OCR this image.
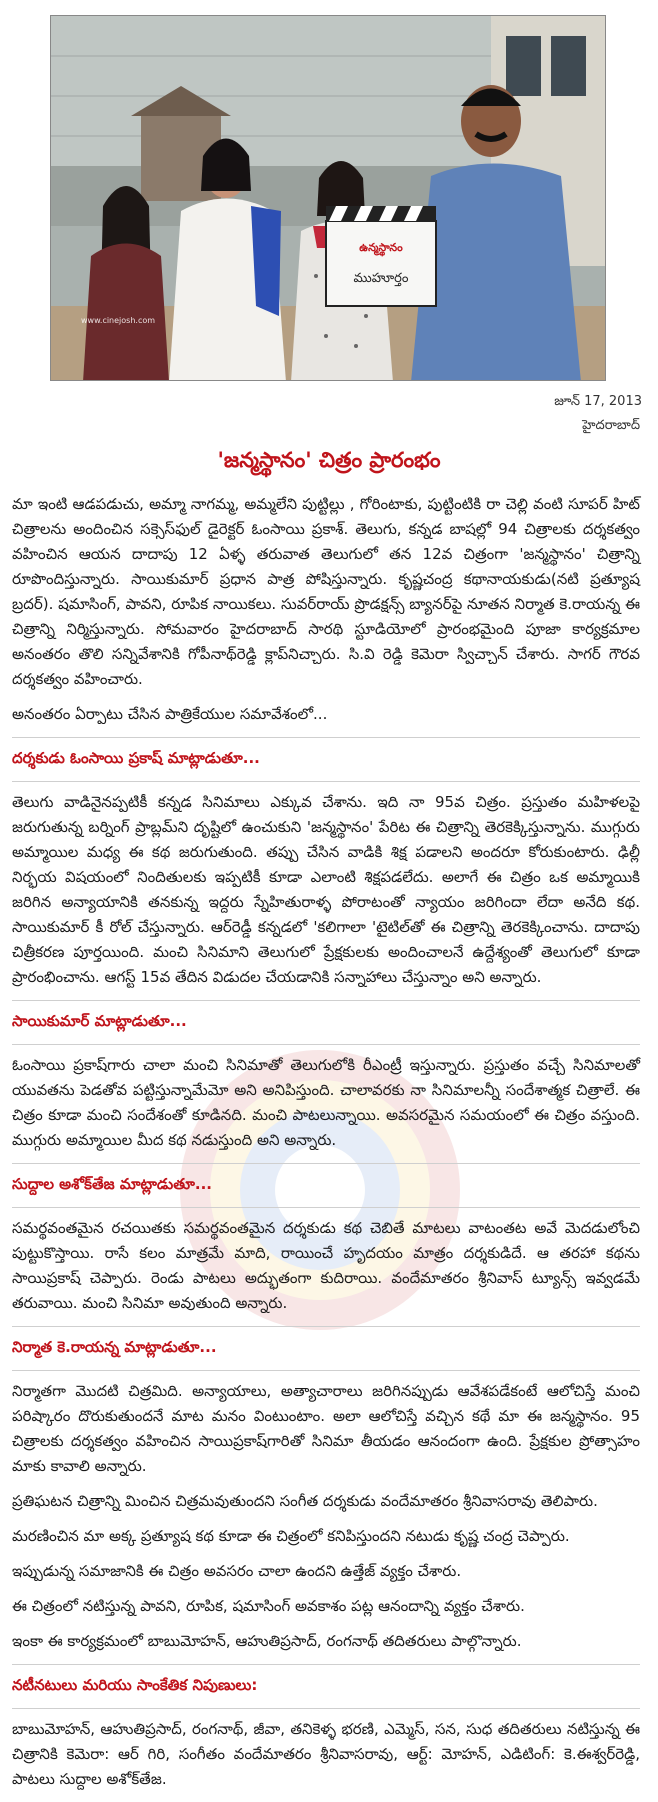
ఉన్మస్థానం
ముహూర్తం
www.cinejosh.com
జూన్ 17, 2013
హైదరాబాద్
'జన్మస్థానం' చిత్రం ప్రారంభం

మా ఇంటి ఆడపడుచు, అమ్మా నాగమ్మ, అమ్మలేని పుట్టిల్లు , గోరింటాకు, పుట్టింటికి రా చెల్లి వంటి సూపర్ హిట్ చిత్రాలను అందించిన సక్సెస్‌ఫుల్ డైరెక్టర్ ఓంసాయి ప్రకాశ్. తెలుగు, కన్నడ బాషల్లో 94 చిత్రాలకు దర్శకత్వం వహించిన ఆయన దాదాపు 12 ఏళ్ళ తరువాత తెలుగులో తన 12వ చిత్రంగా 'జన్మస్థానం' చిత్రాన్ని రూపొందిస్తున్నారు. సాయికుమార్ ప్రధాన పాత్ర పోషిస్తున్నారు. కృష్ణచంద్ర కథానాయకుడు(నటి ప్రత్యూష బ్రదర్). షమాసింగ్, పావని, రూపిక నాయికలు. సువర్‌రాయ్ ప్రొడక్షన్స్ బ్యానర్‌పై నూతన నిర్మాత కె.రాయన్న ఈ చిత్రాన్ని నిర్మిస్తున్నారు. సోమవారం హైదరాబాద్ సారథి స్టూడియోలో ప్రారంభమైంది పూజా కార్యక్రమాల అనంతరం తొలి సన్నివేశానికి గోపీనాథ్‌రెడ్డి క్లాప్‌నిచ్చారు. సి.వి రెడ్డి కెమెరా స్విచ్చాన్ చేశారు. సాగర్ గౌరవ దర్శకత్వం వహించారు.

అనంతరం ఏర్పాటు చేసిన పాత్రికేయుల సమావేశంలో...

దర్శకుడు ఓంసాయి ప్రకాష్ మాట్లాడుతూ...

తెలుగు వాడినైనప్పటికీ కన్నడ సినిమాలు ఎక్కువ చేశాను. ఇది నా 95వ చిత్రం. ప్రస్తుతం మహిళలపై జరుగుతున్న బర్నింగ్ ప్రాబ్లమ్‌ని దృష్టిలో ఉంచుకుని 'జన్మస్థానం' పేరిట ఈ చిత్రాన్ని తెరకెక్కిస్తున్నాను. ముగ్గురు అమ్మాయిల మధ్య ఈ కథ జరుగుతుంది. తప్పు చేసిన వాడికి శిక్ష పడాలని అందరూ కోరుకుంటారు. ఢిల్లీ నిర్భయ విషయంలో నిందితులకు ఇప్పటికీ కూడా ఎలాంటి శిక్షపడలేదు. అలాగే ఈ చిత్రం ఒక అమ్మాయికి జరిగిన అన్యాయానికి తనకున్న ఇద్దరు స్నేహితురాళ్ళ పోరాటంతో న్యాయం జరిగిందా లేదా అనేది కథ. సాయికుమార్ కీ రోల్ చేస్తున్నారు. ఆర్‌రెడ్డీ కన్నడలో 'కలిగాలా 'టైటిల్‌తో ఈ చిత్రాన్ని తెరకెక్కించాను. దాదాపు చిత్రీకరణ పూర్తయింది. మంచి సినిమాని తెలుగులో ప్రేక్షకులకు అందించాలనే ఉద్దేశ్యంతో తెలుగులో కూడా ప్రారంభించాను. ఆగస్ట్ 15వ తేదిన విడుదల చేయడానికి సన్నాహాలు చేస్తున్నాం అని అన్నారు.

సాయికుమార్ మాట్లాడుతూ...

ఓంసాయి ప్రకాష్‌గారు చాలా మంచి సినిమాతో తెలుగులోకి రీఎంట్రీ ఇస్తున్నారు. ప్రస్తుతం వచ్చే సినిమాలతో యువతను పెడతోవ పట్టిస్తున్నామేమో అని అనిపిస్తుంది. చాలావరకు నా సినిమాలన్నీ సందేశాత్మక చిత్రాలే. ఈ చిత్రం కూడా మంచి సందేశంతో కూడినది. మంచి పాటలున్నాయి. అవసరమైన సమయంలో ఈ చిత్రం వస్తుంది. ముగ్గురు అమ్మాయిల మీద కథ నడుస్తుంది అని అన్నారు.

సుద్దాల అశోక్‌తేజ మాట్లాడుతూ...

సమర్థవంతమైన రచయితకు సమర్థవంతమైన దర్శకుడు కథ చెబితే మాటలు వాటంతట అవే మెదడులోంచి పుట్టుకొస్తాయి. రాసే కలం మాత్రమే మాది, రాయించే హృదయం మాత్రం దర్శకుడిదే. ఆ తరహా కథను సాయిప్రకాష్ చెప్పారు. రెండు పాటలు అద్భుతంగా కుదిరాయి. వందేమాతరం శ్రీనివాస్ ట్యూన్స్ ఇవ్వడమే తరువాయి. మంచి సినిమా అవుతుంది అన్నారు.

నిర్మాత కె.రాయన్న మాట్లాడుతూ...

నిర్మాతగా మొదటి చిత్రమిది. అన్యాయాలు, అత్యాచారాలు జరిగినప్పుడు ఆవేశపడేకంటే ఆలోచిస్తే మంచి పరిష్కారం దొరుకుతుందనే మాట మనం వింటుంటాం. అలా ఆలోచిస్తే వచ్చిన కథే మా ఈ జన్మస్థానం. 95 చిత్రాలకు దర్శకత్వం వహించిన సాయిప్రకాష్‌గారితో సినిమా తీయడం ఆనందంగా ఉంది. ప్రేక్షకుల ప్రోత్సాహం మాకు కావాలి అన్నారు.

ప్రతిఘటన చిత్రాన్ని మించిన చిత్రమవుతుందని సంగీత దర్శకుడు వందేమాతరం శ్రీనివాసరావు తెలిపారు.

మరణించిన మా అక్క ప్రత్యూష కథ కూడా ఈ చిత్రంలో కనిపిస్తుందని నటుడు కృష్ణ చంద్ర చెప్పారు.

ఇప్పుడున్న సమాజానికి ఈ చిత్రం అవసరం చాలా ఉందని ఉత్తేజ్ వ్యక్తం చేశారు.

ఈ చిత్రంలో నటిస్తున్న పావని, రూపిక, షమాసింగ్ అవకాశం పట్ల ఆనందాన్ని వ్యక్తం చేశారు.

ఇంకా ఈ కార్యక్రమంలో బాబుమోహన్, ఆహుతిప్రసాద్, రంగనాథ్ తదితరులు పాల్గొన్నారు.

నటీనటులు మరియు సాంకేతిక నిపుణులు:

బాబుమోహన్, ఆహుతిప్రసాద్, రంగనాథ్, జీవా, తనికెళ్ళ భరణి, ఎమ్మెస్, సన, సుధ తదితరులు నటిస్తున్న ఈ చిత్రానికి కెమెరా: ఆర్ గిరి, సంగీతం వందేమాతరం శ్రీనివాసరావు, ఆర్ట్: మోహన్, ఎడిటింగ్: కె.ఈశ్వర్‌రెడ్డి, పాటలు సుద్దాల అశోక్‌తేజ.
